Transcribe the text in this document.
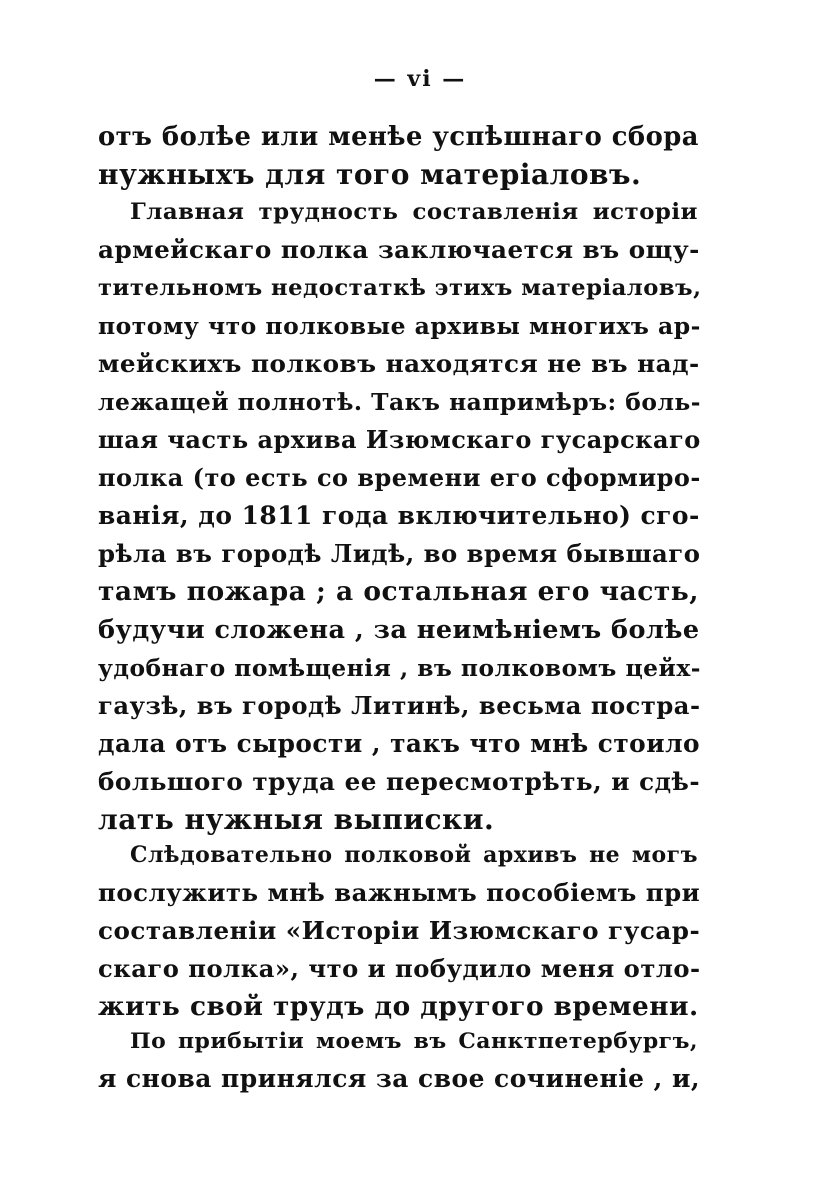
— vi —
отъ болѣе или менѣе успѣшнаго сбора
нужныхъ для того матеріаловъ.
Главная трудность составленія исторіи
армейскаго полка заключается въ ощу-
тительномъ недостаткѣ этихъ матеріаловъ,
потому что полковые архивы многихъ ар-
мейскихъ полковъ находятся не въ над-
лежащей полнотѣ. Такъ напримѣръ: боль-
шая часть архива Изюмскаго гусарскаго
полка (то есть со времени его сформиро-
ванія, до 1811 года включительно) сго-
рѣла въ городѣ Лидѣ, во время бывшаго
тамъ пожара ; а остальная его часть,
будучи сложена , за неимѣніемъ болѣе
удобнаго помѣщенія , въ полковомъ цейх-
гаузѣ, въ городѣ Литинѣ, весьма постра-
дала отъ сырости , такъ что мнѣ стоило
большого труда ее пересмотрѣть, и сдѣ-
лать нужныя выписки.
Слѣдовательно полковой архивъ не могъ
послужить мнѣ важнымъ пособіемъ при
составленіи «Исторіи Изюмскаго гусар-
скаго полка», что и побудило меня отло-
жить свой трудъ до другого времени.
По прибытіи моемъ въ Санктпетербургъ,
я снова принялся за свое сочиненіе , и,
